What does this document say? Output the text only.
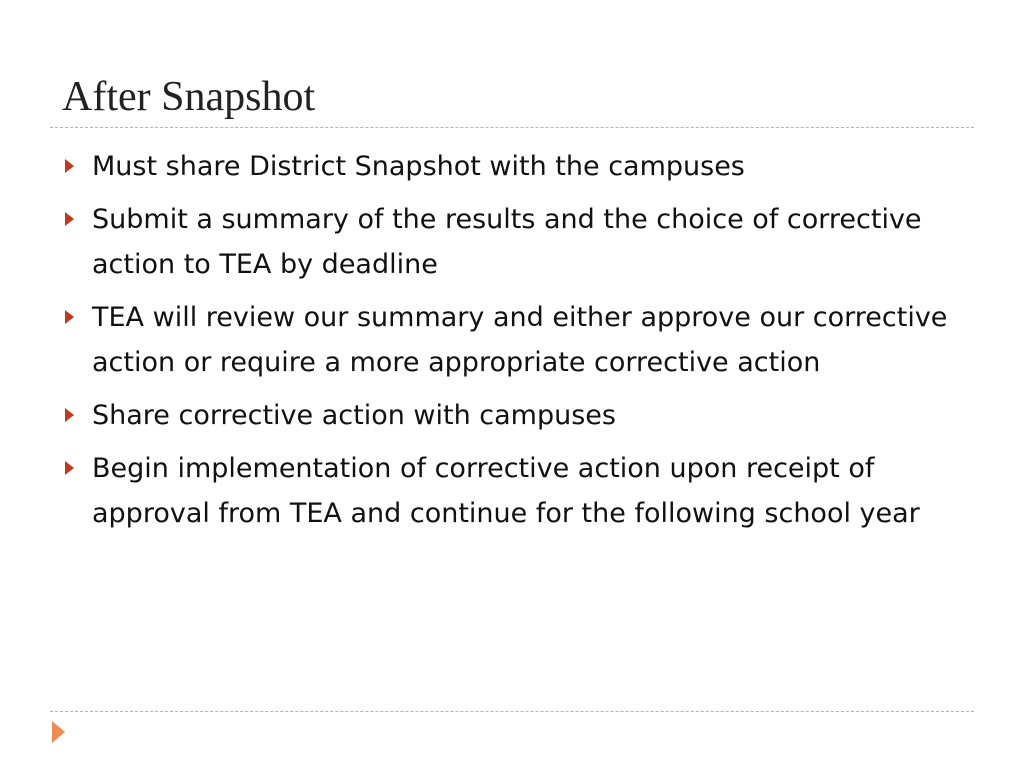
After Snapshot
Must share District Snapshot with the campuses
Submit a summary of the results and the choice of corrective action to TEA by deadline
TEA will review our summary and either approve our corrective action or require a more appropriate corrective action
Share corrective action with campuses
Begin implementation of corrective action upon receipt of approval from TEA and continue for the following school year
